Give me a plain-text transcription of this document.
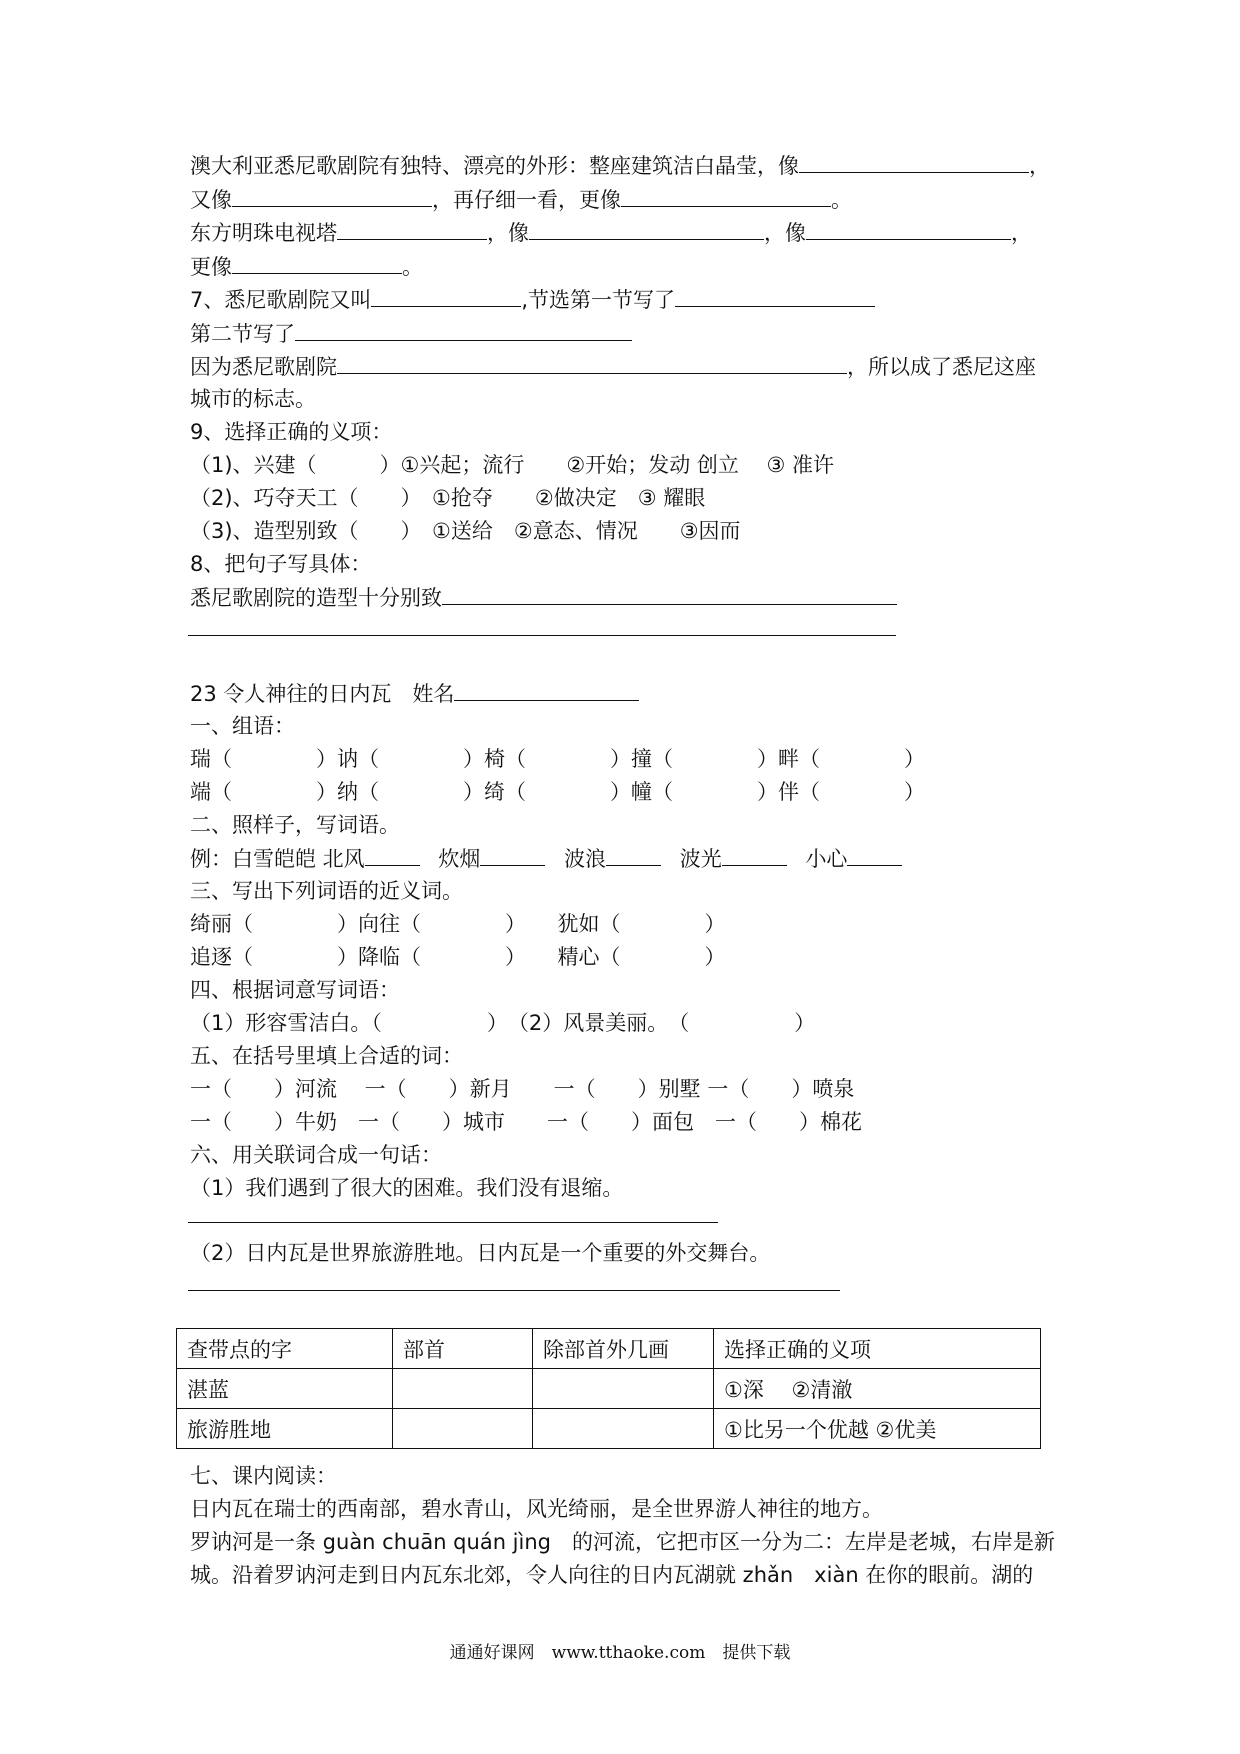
澳大利亚悉尼歌剧院有独特、漂亮的外形：整座建筑洁白晶莹，像	，
又像	，再仔细一看，更像	。
东方明珠电视塔	，像	，像	，
更像	。
7、悉尼歌剧院又叫	,节选第一节写了
第二节写了
因为悉尼歌剧院	，所以成了悉尼这座
城市的标志。
9、选择正确的义项：
（1)、兴建（　　　）①兴起；流行　　②开始；发动 创立　 ③ 准许
（2)、巧夺天工（　　）　①抢夺　　②做决定　③ 耀眼
（3)、造型别致（　　）　①送给　②意态、情况　　③因而
8、把句子写具体：
悉尼歌剧院的造型十分别致
23 令人神往的日内瓦　姓名
一、组语：
瑞（　　　　）讷（　　　　）椅（　　　　）撞（　　　　）畔（　　　　）
端（　　　　）纳（　　　　）绮（　　　　）幢（　　　　）伴（　　　　）
二、照样子，写词语。
例：白雪皑皑 北风	炊烟	波浪	波光	小心
三、写出下列词语的近义词。
绮丽（　　　　）向往（　　　　）　　犹如（　　　　）
追逐（　　　　）降临（　　　　）　　精心（　　　　）
四、根据词意写词语：
（1）形容雪洁白。（　　　　　）　（2）风景美丽。　（　　　　　）
五、在括号里填上合适的词：
一（　　）河流　 一（　　）新月　　一（　　）别墅 一（　　）喷泉
一（　　）牛奶　一（　　）城市　　一（　　）面包　一（　　）棉花
六、用关联词合成一句话：
（1）我们遇到了很大的困难。我们没有退缩。
（2）日内瓦是世界旅游胜地。日内瓦是一个重要的外交舞台。
查带点的字	部首	除部首外几画	选择正确的义项
湛蓝			①深　 ②清澈
旅游胜地			①比另一个优越 ②优美
七、课内阅读：
日内瓦在瑞士的西南部，碧水青山，风光绮丽，是全世界游人神往的地方。
罗讷河是一条 guàn chuān quán jìng　的河流，它把市区一分为二：左岸是老城，右岸是新
城。沿着罗讷河走到日内瓦东北郊，令人向往的日内瓦湖就 zhǎn　xiàn 在你的眼前。湖的
通通好课网　www.tthaoke.com　提供下载
